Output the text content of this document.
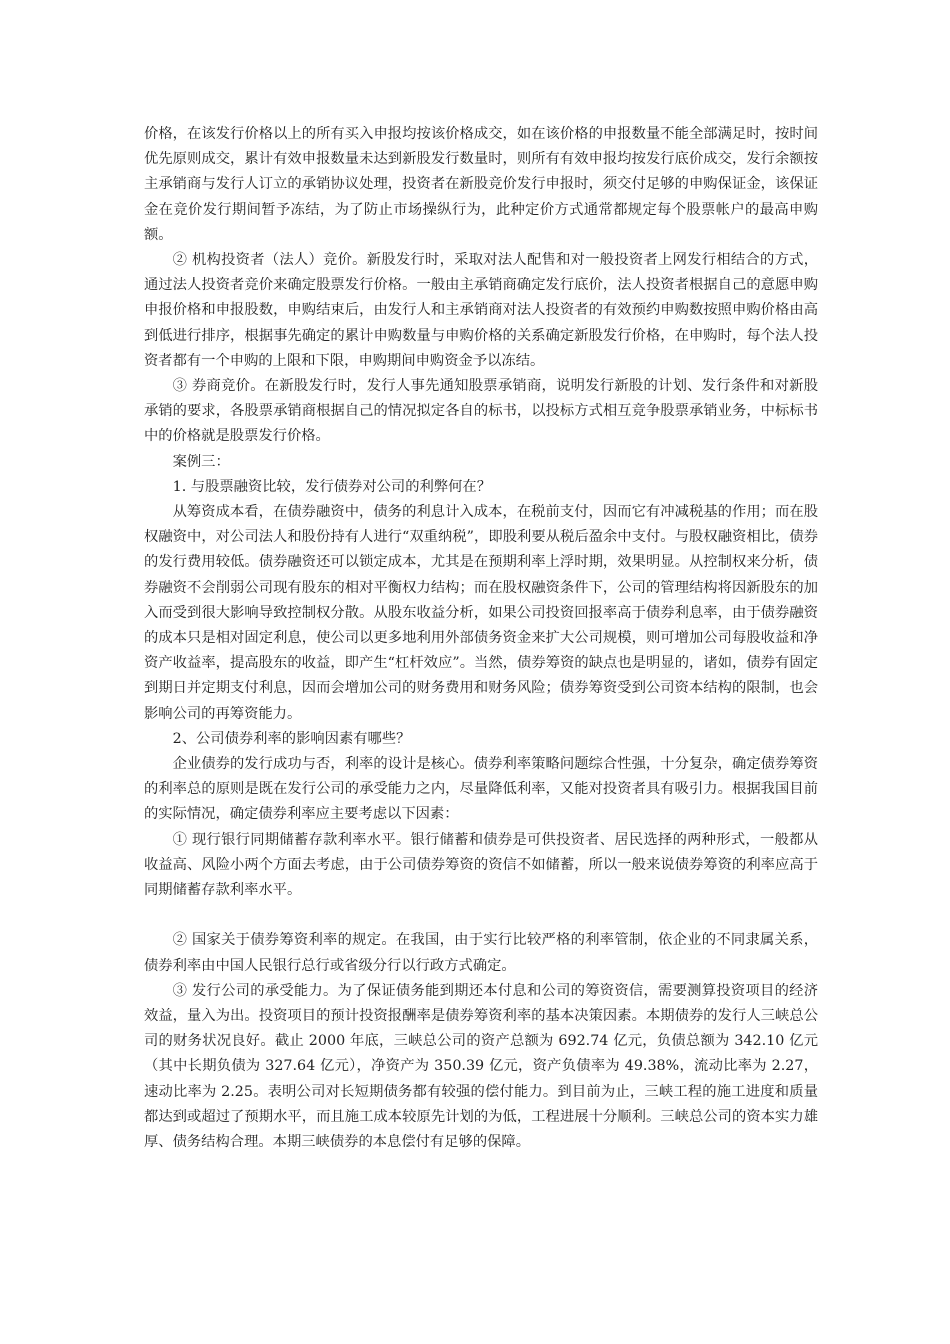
价格，在该发行价格以上的所有买入申报均按该价格成交，如在该价格的申报数量不能全部满足时，按时间优先原则成交，累计有效申报数量未达到新股发行数量时，则所有有效申报均按发行底价成交，发行余额按主承销商与发行人订立的承销协议处理，投资者在新股竞价发行申报时，须交付足够的申购保证金，该保证金在竞价发行期间暂予冻结，为了防止市场操纵行为，此种定价方式通常都规定每个股票帐户的最高申购额。

② 机构投资者（法人）竞价。新股发行时，采取对法人配售和对一般投资者上网发行相结合的方式，通过法人投资者竞价来确定股票发行价格。一般由主承销商确定发行底价，法人投资者根据自己的意愿申购申报价格和申报股数，申购结束后，由发行人和主承销商对法人投资者的有效预约申购数按照申购价格由高到低进行排序，根据事先确定的累计申购数量与申购价格的关系确定新股发行价格，在申购时，每个法人投资者都有一个申购的上限和下限，申购期间申购资金予以冻结。

③ 券商竞价。在新股发行时，发行人事先通知股票承销商，说明发行新股的计划、发行条件和对新股承销的要求，各股票承销商根据自己的情况拟定各自的标书，以投标方式相互竞争股票承销业务，中标标书中的价格就是股票发行价格。

案例三：

1. 与股票融资比较，发行债券对公司的利弊何在？

从筹资成本看，在债券融资中，债务的利息计入成本，在税前支付，因而它有冲减税基的作用；而在股权融资中，对公司法人和股份持有人进行“双重纳税”，即股利要从税后盈余中支付。与股权融资相比，债券的发行费用较低。债券融资还可以锁定成本，尤其是在预期利率上浮时期，效果明显。从控制权来分析，债券融资不会削弱公司现有股东的相对平衡权力结构；而在股权融资条件下，公司的管理结构将因新股东的加入而受到很大影响导致控制权分散。从股东收益分析，如果公司投资回报率高于债券利息率，由于债券融资的成本只是相对固定利息，使公司以更多地利用外部债务资金来扩大公司规模，则可增加公司每股收益和净资产收益率，提高股东的收益，即产生“杠杆效应”。当然，债券筹资的缺点也是明显的，诸如，债券有固定到期日并定期支付利息，因而会增加公司的财务费用和财务风险；债券筹资受到公司资本结构的限制，也会影响公司的再筹资能力。

2、公司债券利率的影响因素有哪些？

企业债券的发行成功与否，利率的设计是核心。债券利率策略问题综合性强，十分复杂，确定债券筹资的利率总的原则是既在发行公司的承受能力之内，尽量降低利率，又能对投资者具有吸引力。根据我国目前的实际情况，确定债券利率应主要考虑以下因素：

① 现行银行同期储蓄存款利率水平。银行储蓄和债券是可供投资者、居民选择的两种形式，一般都从收益高、风险小两个方面去考虑，由于公司债券筹资的资信不如储蓄，所以一般来说债券筹资的利率应高于同期储蓄存款利率水平。

② 国家关于债券筹资利率的规定。在我国，由于实行比较严格的利率管制，依企业的不同隶属关系，债券利率由中国人民银行总行或省级分行以行政方式确定。

③ 发行公司的承受能力。为了保证债务能到期还本付息和公司的筹资资信，需要测算投资项目的经济效益，量入为出。投资项目的预计投资报酬率是债券筹资利率的基本决策因素。本期债券的发行人三峡总公司的财务状况良好。截止 2000 年底，三峡总公司的资产总额为 692.74 亿元，负债总额为 342.10 亿元（其中长期负债为 327.64 亿元），净资产为 350.39 亿元，资产负债率为 49.38%，流动比率为 2.27，速动比率为 2.25。表明公司对长短期债务都有较强的偿付能力。到目前为止，三峡工程的施工进度和质量都达到或超过了预期水平，而且施工成本较原先计划的为低，工程进展十分顺利。三峡总公司的资本实力雄厚、债务结构合理。本期三峡债券的本息偿付有足够的保障。
